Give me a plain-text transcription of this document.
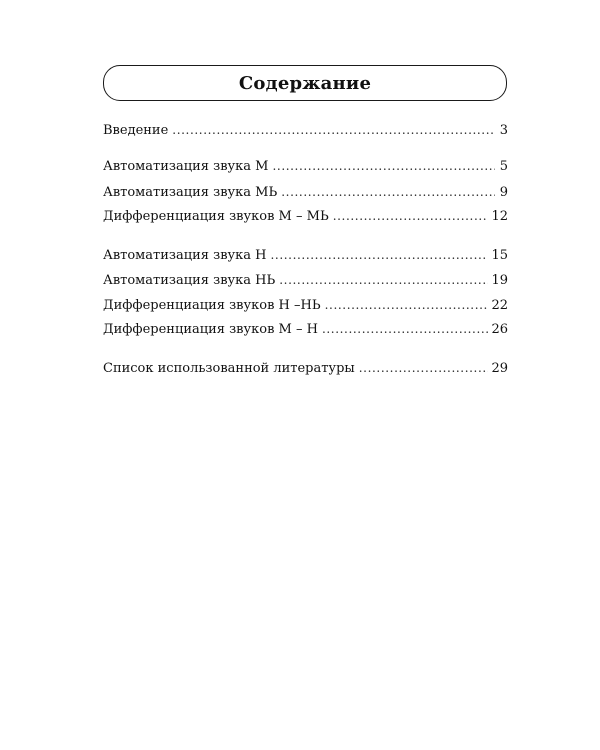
Содержание
Введение .....	3
Автоматизация звука М .....	5
Автоматизация звука МЬ .....	9
Дифференциация звуков М – МЬ .....	12
Автоматизация звука Н .....	15
Автоматизация звука НЬ .....	19
Дифференциация звуков Н –НЬ .....	22
Дифференциация звуков М – Н .....	26
Список использованной литературы .....	29
